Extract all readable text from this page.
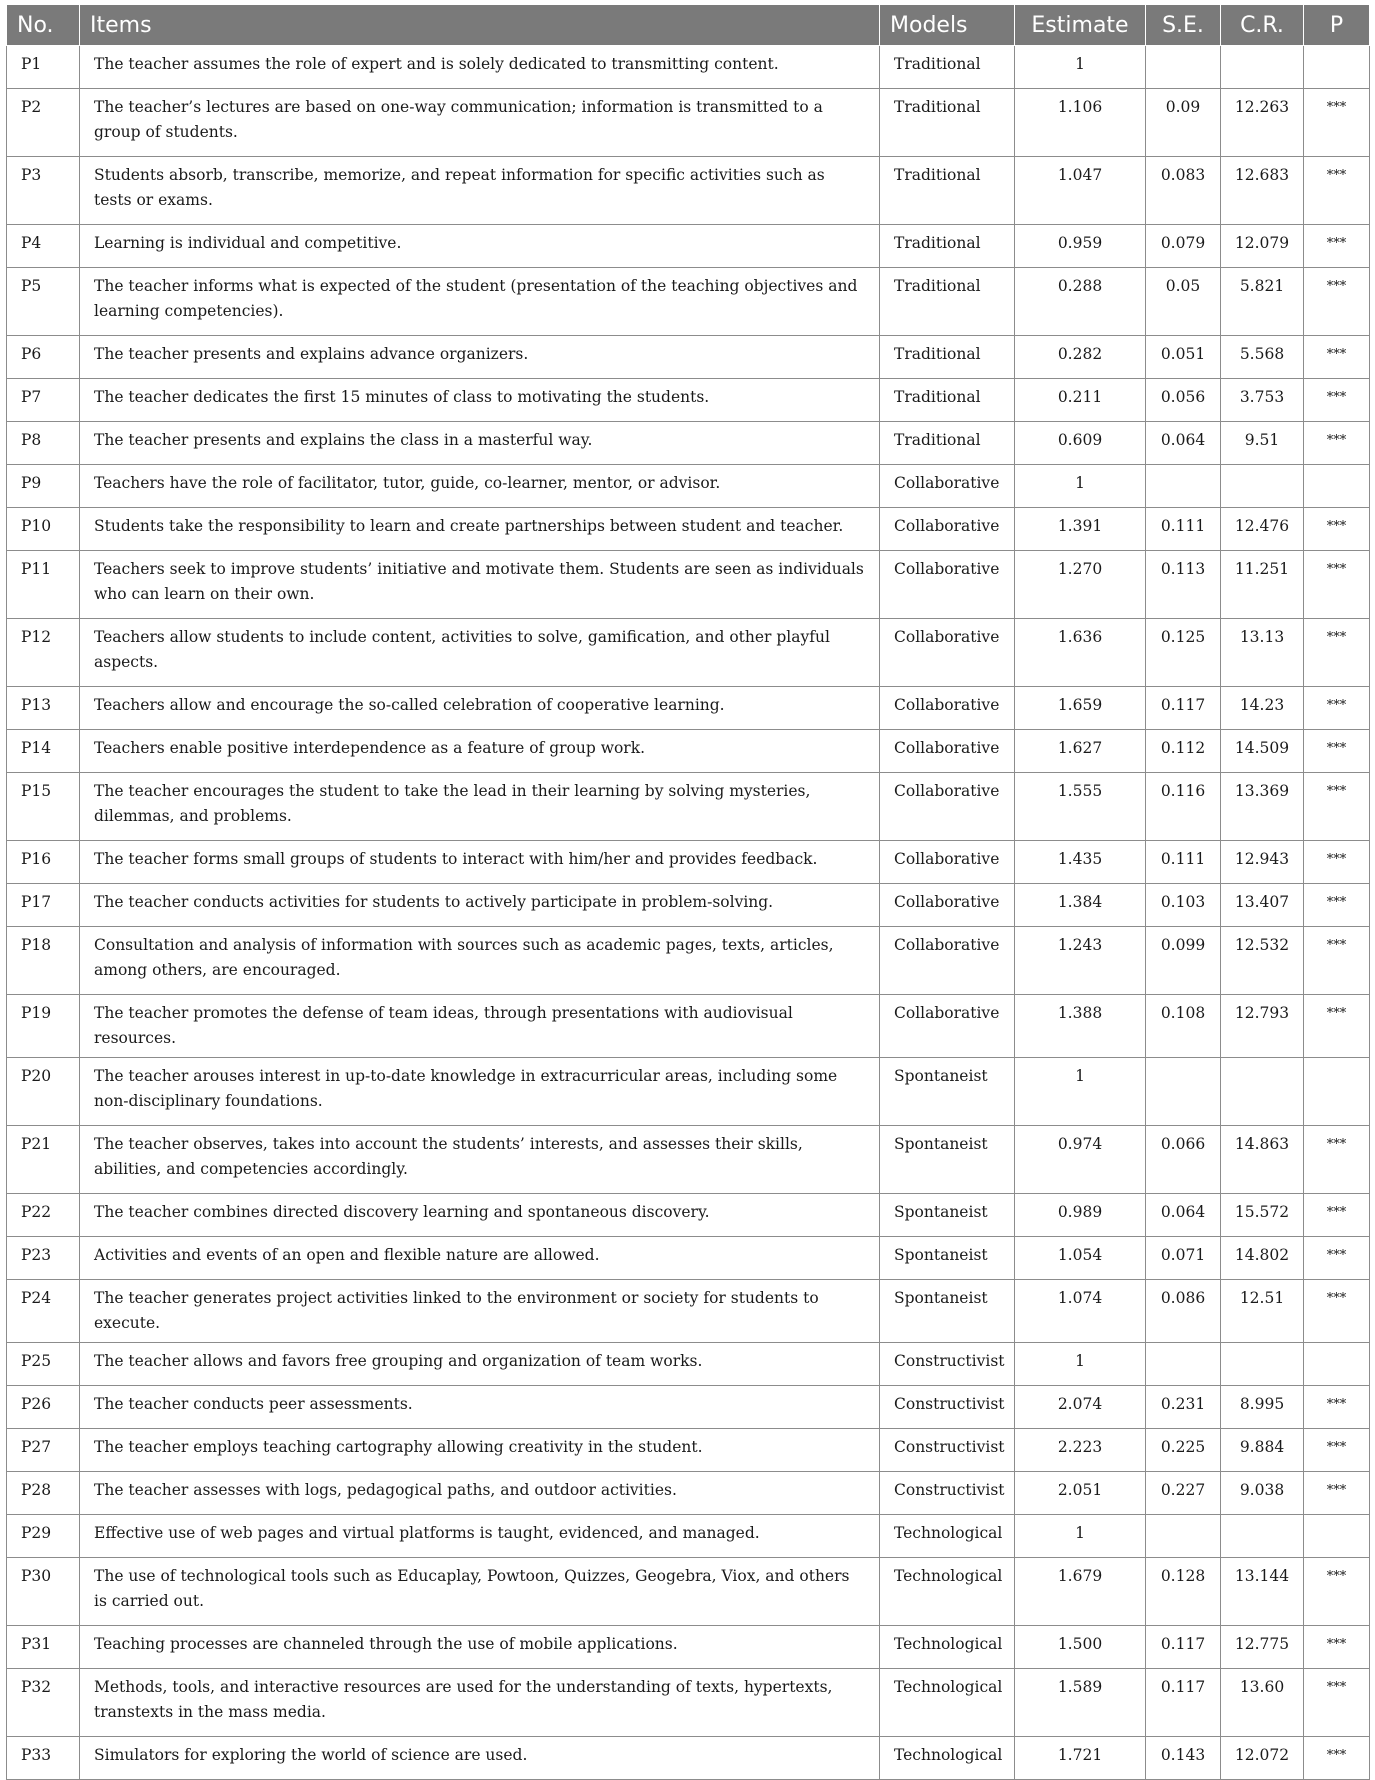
No.	Items	Models	Estimate	S.E.	C.R.	P
P1	The teacher assumes the role of expert and is solely dedicated to transmitting content.	Traditional	1			
P2	The teacher’s lectures are based on one-way communication; information is transmitted to a group of students.	Traditional	1.106	0.09	12.263	***
P3	Students absorb, transcribe, memorize, and repeat information for specific activities such as tests or exams.	Traditional	1.047	0.083	12.683	***
P4	Learning is individual and competitive.	Traditional	0.959	0.079	12.079	***
P5	The teacher informs what is expected of the student (presentation of the teaching objectives and learning competencies).	Traditional	0.288	0.05	5.821	***
P6	The teacher presents and explains advance organizers.	Traditional	0.282	0.051	5.568	***
P7	The teacher dedicates the first 15 minutes of class to motivating the students.	Traditional	0.211	0.056	3.753	***
P8	The teacher presents and explains the class in a masterful way.	Traditional	0.609	0.064	9.51	***
P9	Teachers have the role of facilitator, tutor, guide, co-learner, mentor, or advisor.	Collaborative	1			
P10	Students take the responsibility to learn and create partnerships between student and teacher.	Collaborative	1.391	0.111	12.476	***
P11	Teachers seek to improve students’ initiative and motivate them. Students are seen as individuals who can learn on their own.	Collaborative	1.270	0.113	11.251	***
P12	Teachers allow students to include content, activities to solve, gamification, and other playful aspects.	Collaborative	1.636	0.125	13.13	***
P13	Teachers allow and encourage the so-called celebration of cooperative learning.	Collaborative	1.659	0.117	14.23	***
P14	Teachers enable positive interdependence as a feature of group work.	Collaborative	1.627	0.112	14.509	***
P15	The teacher encourages the student to take the lead in their learning by solving mysteries, dilemmas, and problems.	Collaborative	1.555	0.116	13.369	***
P16	The teacher forms small groups of students to interact with him/her and provides feedback.	Collaborative	1.435	0.111	12.943	***
P17	The teacher conducts activities for students to actively participate in problem-solving.	Collaborative	1.384	0.103	13.407	***
P18	Consultation and analysis of information with sources such as academic pages, texts, articles, among others, are encouraged.	Collaborative	1.243	0.099	12.532	***
P19	The teacher promotes the defense of team ideas, through presentations with audiovisual resources.	Collaborative	1.388	0.108	12.793	***
P20	The teacher arouses interest in up-to-date knowledge in extracurricular areas, including some non-disciplinary foundations.	Spontaneist	1			
P21	The teacher observes, takes into account the students’ interests, and assesses their skills, abilities, and competencies accordingly.	Spontaneist	0.974	0.066	14.863	***
P22	The teacher combines directed discovery learning and spontaneous discovery.	Spontaneist	0.989	0.064	15.572	***
P23	Activities and events of an open and flexible nature are allowed.	Spontaneist	1.054	0.071	14.802	***
P24	The teacher generates project activities linked to the environment or society for students to execute.	Spontaneist	1.074	0.086	12.51	***
P25	The teacher allows and favors free grouping and organization of team works.	Constructivist	1			
P26	The teacher conducts peer assessments.	Constructivist	2.074	0.231	8.995	***
P27	The teacher employs teaching cartography allowing creativity in the student.	Constructivist	2.223	0.225	9.884	***
P28	The teacher assesses with logs, pedagogical paths, and outdoor activities.	Constructivist	2.051	0.227	9.038	***
P29	Effective use of web pages and virtual platforms is taught, evidenced, and managed.	Technological	1			
P30	The use of technological tools such as Educaplay, Powtoon, Quizzes, Geogebra, Viox, and others is carried out.	Technological	1.679	0.128	13.144	***
P31	Teaching processes are channeled through the use of mobile applications.	Technological	1.500	0.117	12.775	***
P32	Methods, tools, and interactive resources are used for the understanding of texts, hypertexts, transtexts in the mass media.	Technological	1.589	0.117	13.60	***
P33	Simulators for exploring the world of science are used.	Technological	1.721	0.143	12.072	***
